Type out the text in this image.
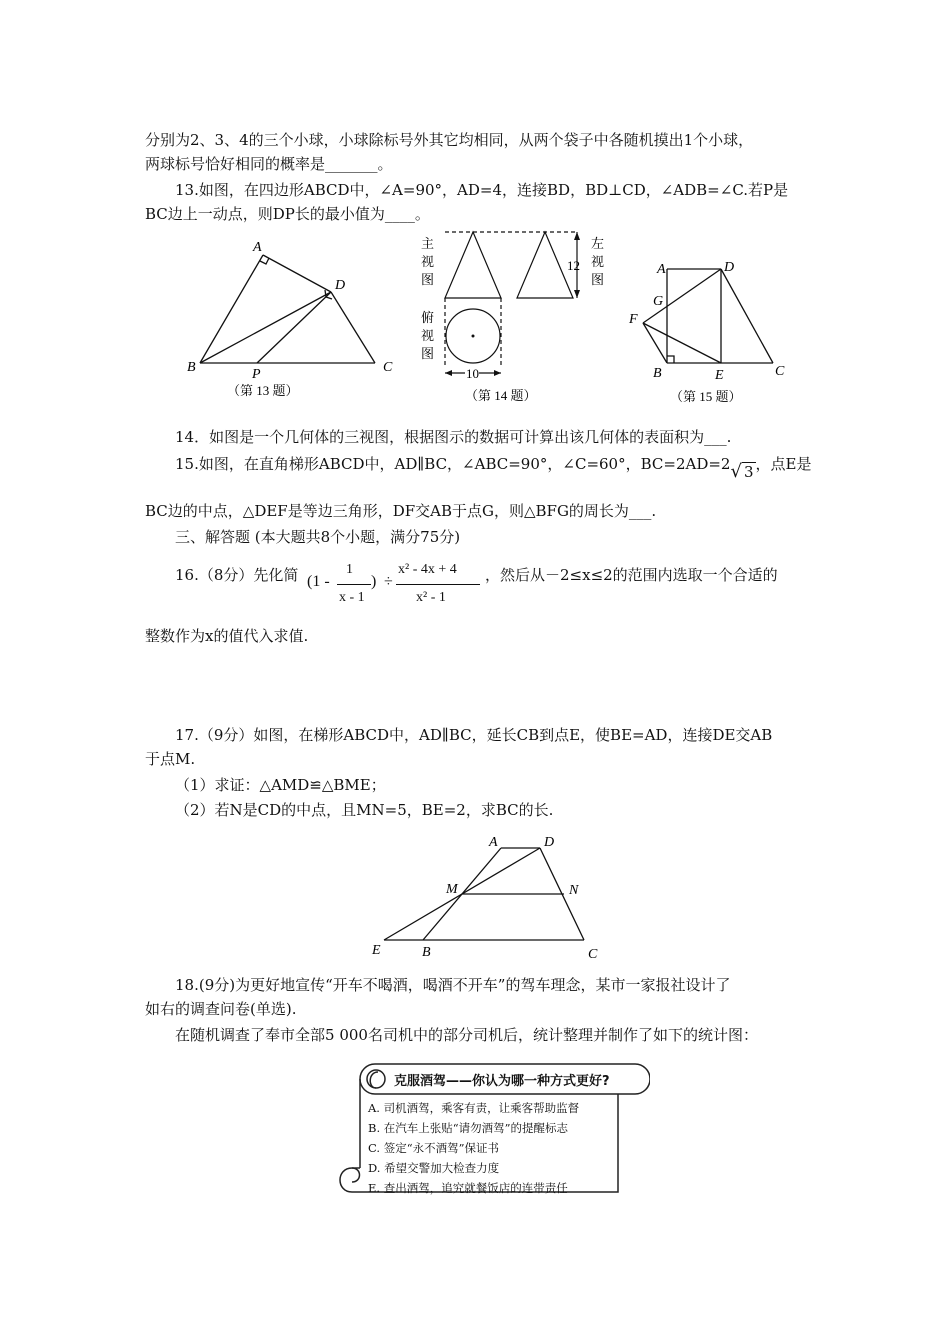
分别为2、3、4的三个小球，小球除标号外其它均相同，从两个袋子中各随机摸出1个小球，
两球标号恰好相同的概率是_______。
13.如图，在四边形ABCD中，∠A=90°，AD=4，连接BD，BD⊥CD，∠ADB=∠C.若P是
BC边上一动点，则DP长的最小值为____。
A
D
B	P	C
（第 13 题）
主
视
图
左
视
图
俯
视
图
12
10
（第 14 题）
A	D
G
F
B	E	C
（第 15 题）
14．如图是一个几何体的三视图，根据图示的数据可计算出该几何体的表面积为___.
15.如图，在直角梯形ABCD中，AD∥BC，∠ABC=90°，∠C=60°，BC=2AD=2√ 3 ，点E是
BC边的中点，△DEF是等边三角形，DF交AB于点G，则△BFG的周长为___.
三、解答题 (本大题共8个小题，满分75分)
16.（8分）先化简 (1 -
1
x - 1
) ÷
x² - 4x + 4
x² - 1
，然后从－2≤x≤2的范围内选取一个合适的
整数作为x的值代入求值.
17.（9分）如图，在梯形ABCD中，AD∥BC，延长CB到点E，使BE=AD，连接DE交AB
于点M.
（1）求证：△AMD≌△BME；
（2）若N是CD的中点，且MN=5，BE=2，求BC的长.
A	D
M	N
E	B	C
18.(9分)为更好地宣传“开车不喝酒，喝酒不开车”的驾车理念，某市一家报社设计了
如右的调查问卷(单选).
在随机调查了奉市全部5 000名司机中的部分司机后，统计整理并制作了如下的统计图：
克服酒驾——你认为哪一种方式更好?
A. 司机酒驾，乘客有责，让乘客帮助监督
B. 在汽车上张贴“请勿酒驾”的提醒标志
C. 签定“永不酒驾”保证书
D. 希望交警加大检查力度
E. 查出酒驾，追究就餐饭店的连带责任
